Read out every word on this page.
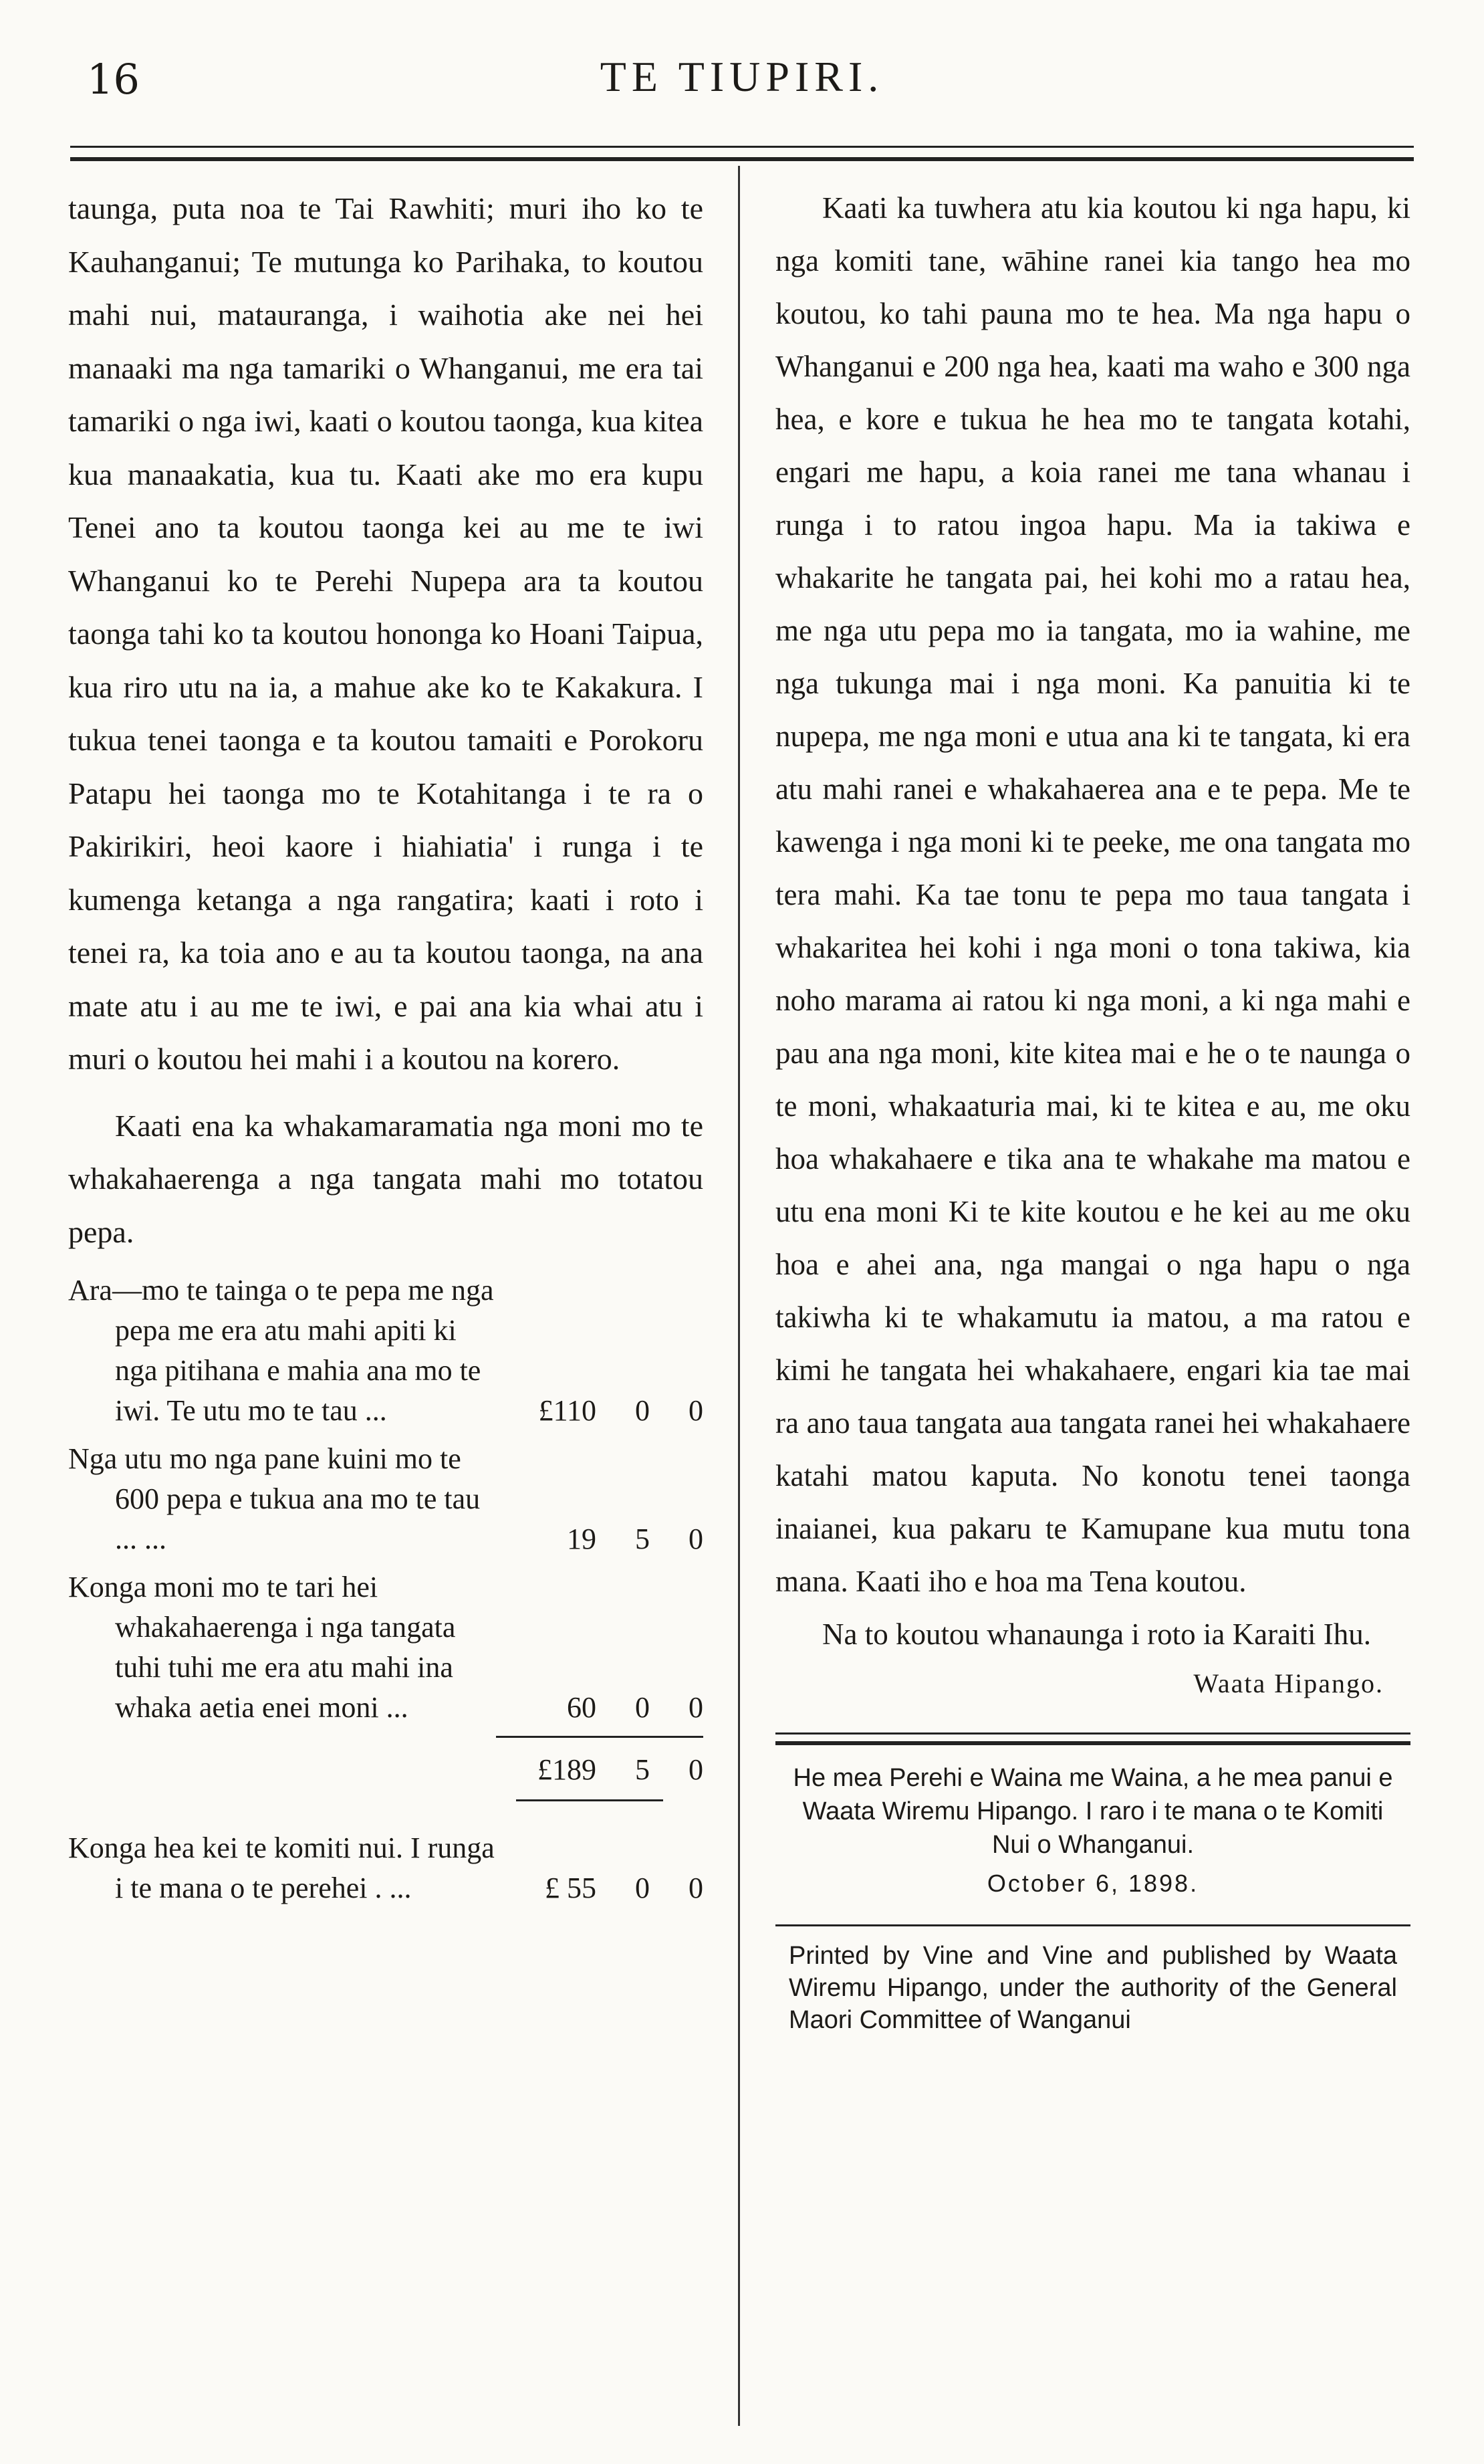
16	TE TIUPIRI.

taunga, puta noa te Tai Rawhiti; muri iho ko te Kauhanganui; Te mutunga ko Parihaka, to koutou mahi nui, matauranga, i waihotia ake nei hei manaaki ma nga tamariki o Whanganui, me era tai tamariki o nga iwi, kaati o koutou taonga, kua kitea kua manaakatia, kua tu. Kaati ake mo era kupu Tenei ano ta koutou taonga kei au me te iwi Whanganui ko te Perehi Nupepa ara ta koutou taonga tahi ko ta koutou hononga ko Hoani Taipua, kua riro utu na ia, a mahue ake ko te Kakakura. I tukua tenei taonga e ta koutou tamaiti e Porokoru Patapu hei taonga mo te Kotahitanga i te ra o Pakirikiri, heoi kaore i hiahiatia' i runga i te kumenga ketanga a nga rangatira; kaati i roto i tenei ra, ka toia ano e au ta koutou taonga, na ana mate atu i au me te iwi, e pai ana kia whai atu i muri o koutou hei mahi i a koutou na korero.

Kaati ena ka whakamaramatia nga moni mo te whakahaerenga a nga tangata mahi mo totatou pepa.

Ara—mo te tainga o te pepa me nga pepa me era atu mahi apiti ki nga pitihana e mahia ana mo te iwi. Te utu mo te tau ...	£110	0	0
Nga utu mo nga pane kuini mo te 600 pepa e tukua ana mo te tau ... ...	19	5	0
Konga moni mo te tari hei whakahaerenga i nga tangata tuhi tuhi me era atu mahi ina whaka aetia enei moni ...	60	0	0
£189	5	0
Konga hea kei te komiti nui. I runga i te mana o te perehei . ...	£ 55	0	0

Kaati ka tuwhera atu kia koutou ki nga hapu, ki nga komiti tane, wāhine ranei kia tango hea mo koutou, ko tahi pauna mo te hea. Ma nga hapu o Whanganui e 200 nga hea, kaati ma waho e 300 nga hea, e kore e tukua he hea mo te tangata kotahi, engari me hapu, a koia ranei me tana whanau i runga i to ratou ingoa hapu. Ma ia takiwa e whakarite he tangata pai, hei kohi mo a ratau hea, me nga utu pepa mo ia tangata, mo ia wahine, me nga tukunga mai i nga moni. Ka panuitia ki te nupepa, me nga moni e utua ana ki te tangata, ki era atu mahi ranei e whakahaerea ana e te pepa. Me te kawenga i nga moni ki te peeke, me ona tangata mo tera mahi. Ka tae tonu te pepa mo taua tangata i whakaritea hei kohi i nga moni o tona takiwa, kia noho marama ai ratou ki nga moni, a ki nga mahi e pau ana nga moni, kite kitea mai e he o te naunga o te moni, whakaaturia mai, ki te kitea e au, me oku hoa whakahaere e tika ana te whakahe ma matou e utu ena moni Ki te kite koutou e he kei au me oku hoa e ahei ana, nga mangai o nga hapu o nga takiwha ki te whakamutu ia matou, a ma ratou e kimi he tangata hei whakahaere, engari kia tae mai ra ano taua tangata aua tangata ranei hei whakahaere katahi matou kaputa. No konotu tenei taonga inaianei, kua pakaru te Kamupane kua mutu tona mana. Kaati iho e hoa ma Tena koutou.

Na to koutou whanaunga i roto ia Karaiti Ihu.

Waata Hipango.
He mea Perehi e Waina me Waina, a he mea panui e Waata Wiremu Hipango. I raro i te mana o te Komiti Nui o Whanganui.
October 6, 1898.
Printed by Vine and Vine and published by Waata Wiremu Hipango, under the authority of the General Maori Committee of Wanganui
